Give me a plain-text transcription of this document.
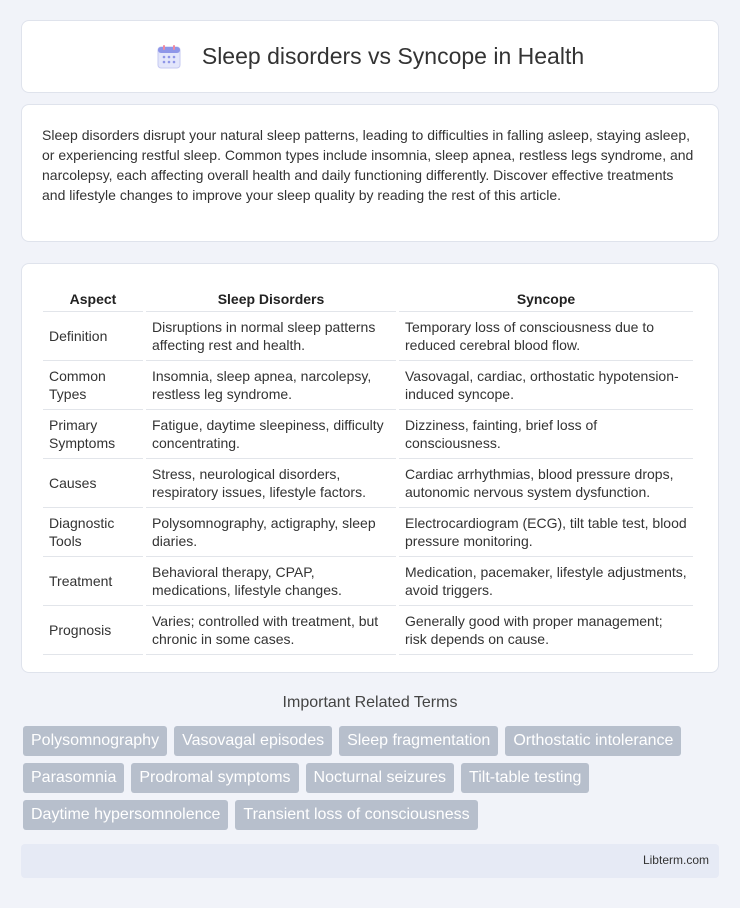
Sleep disorders vs Syncope in Health

Sleep disorders disrupt your natural sleep patterns, leading to difficulties in falling asleep, staying asleep, or experiencing restful sleep. Common types include insomnia, sleep apnea, restless legs syndrome, and narcolepsy, each affecting overall health and daily functioning differently. Discover effective treatments and lifestyle changes to improve your sleep quality by reading the rest of this article.

Aspect	Sleep Disorders	Syncope
Definition	Disruptions in normal sleep patterns affecting rest and health.	Temporary loss of consciousness due to reduced cerebral blood flow.
Common Types	Insomnia, sleep apnea, narcolepsy, restless leg syndrome.	Vasovagal, cardiac, orthostatic hypotension-induced syncope.
Primary Symptoms	Fatigue, daytime sleepiness, difficulty concentrating.	Dizziness, fainting, brief loss of consciousness.
Causes	Stress, neurological disorders, respiratory issues, lifestyle factors.	Cardiac arrhythmias, blood pressure drops, autonomic nervous system dysfunction.
Diagnostic Tools	Polysomnography, actigraphy, sleep diaries.	Electrocardiogram (ECG), tilt table test, blood pressure monitoring.
Treatment	Behavioral therapy, CPAP, medications, lifestyle changes.	Medication, pacemaker, lifestyle adjustments, avoid triggers.
Prognosis	Varies; controlled with treatment, but chronic in some cases.	Generally good with proper management; risk depends on cause.
Important Related Terms
Polysomnography	Vasovagal episodes	Sleep fragmentation	Orthostatic intolerance
Parasomnia	Prodromal symptoms	Nocturnal seizures	Tilt-table testing
Daytime hypersomnolence	Transient loss of consciousness
Libterm.com
